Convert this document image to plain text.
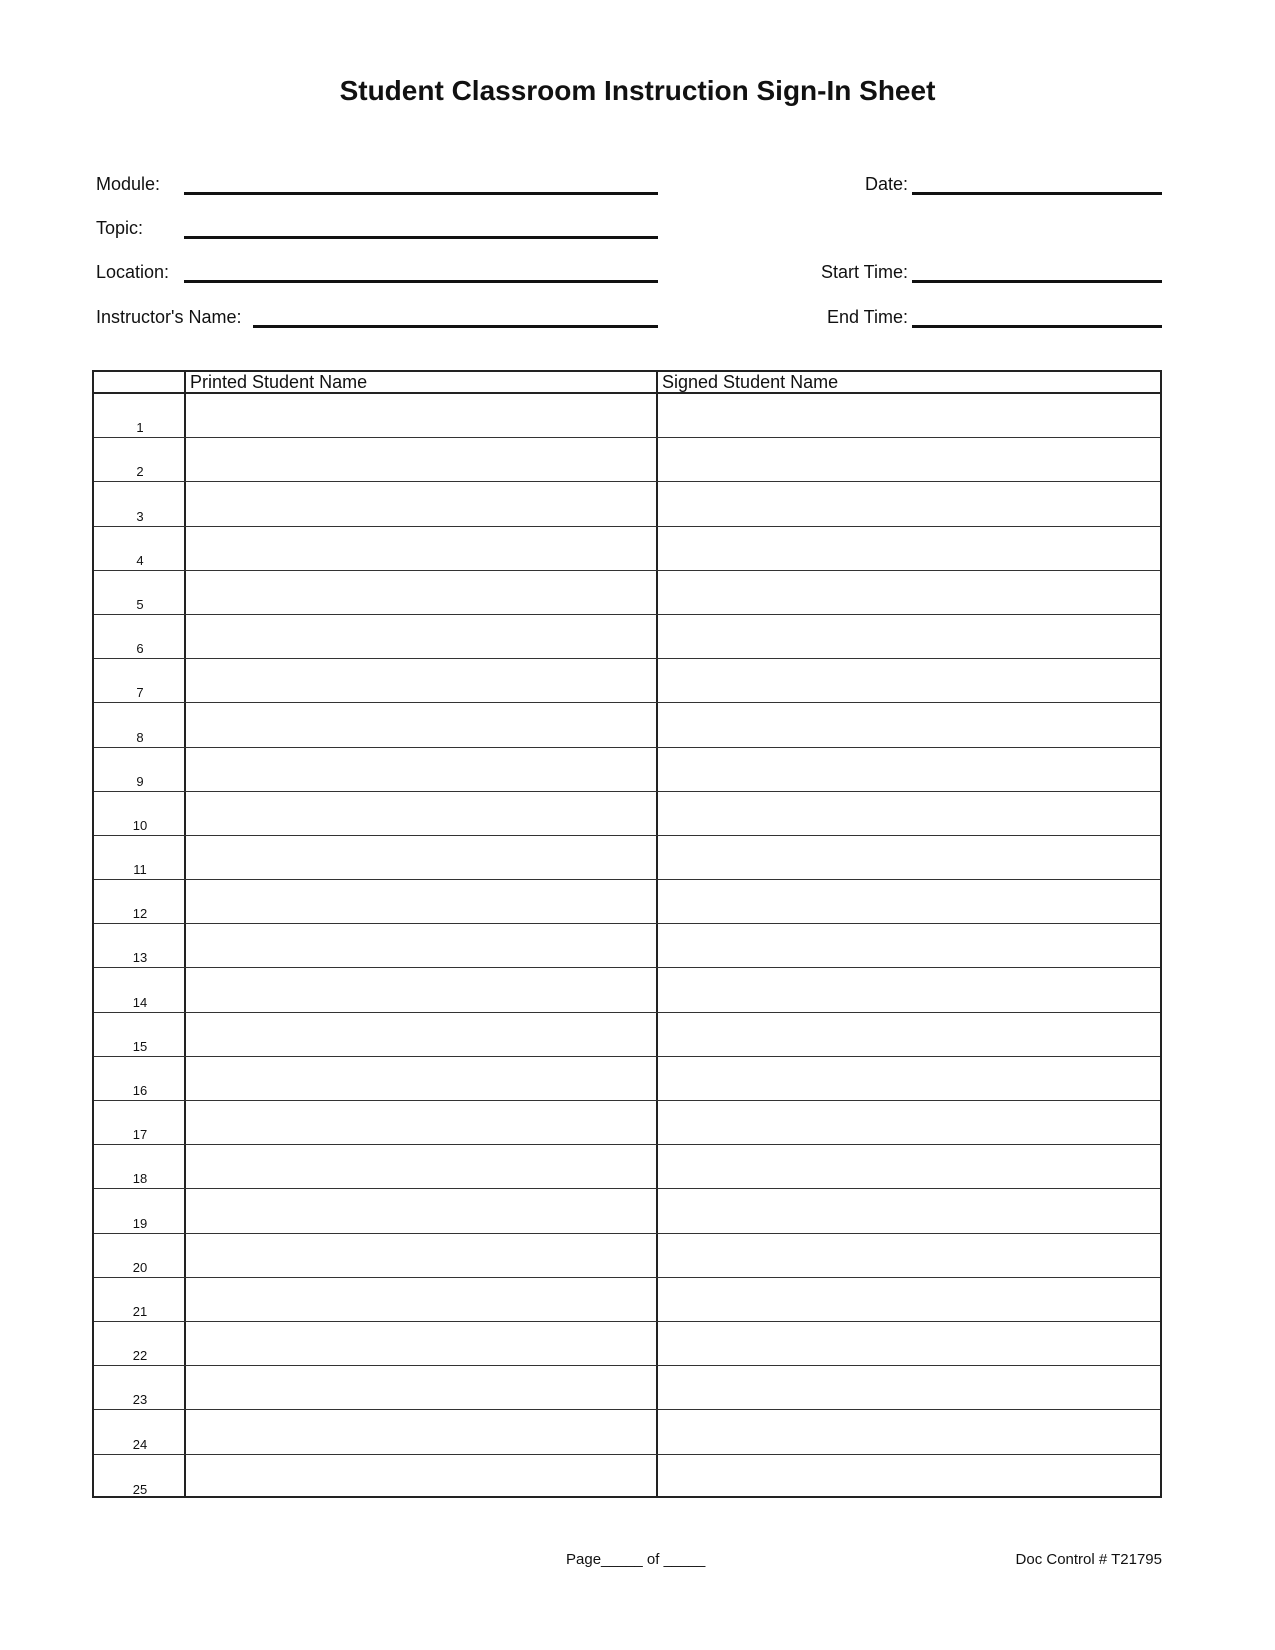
Student Classroom Instruction Sign-In Sheet
Module:
Topic:
Location:
Instructor's Name:
Date:
Start Time:
End Time:
Printed Student Name	Signed Student Name
1
2
3
4
5
6
7
8
9
10
11
12
13
14
15
16
17
18
19
20
21
22
23
24
25
Page_____ of _____	Doc Control # T21795
